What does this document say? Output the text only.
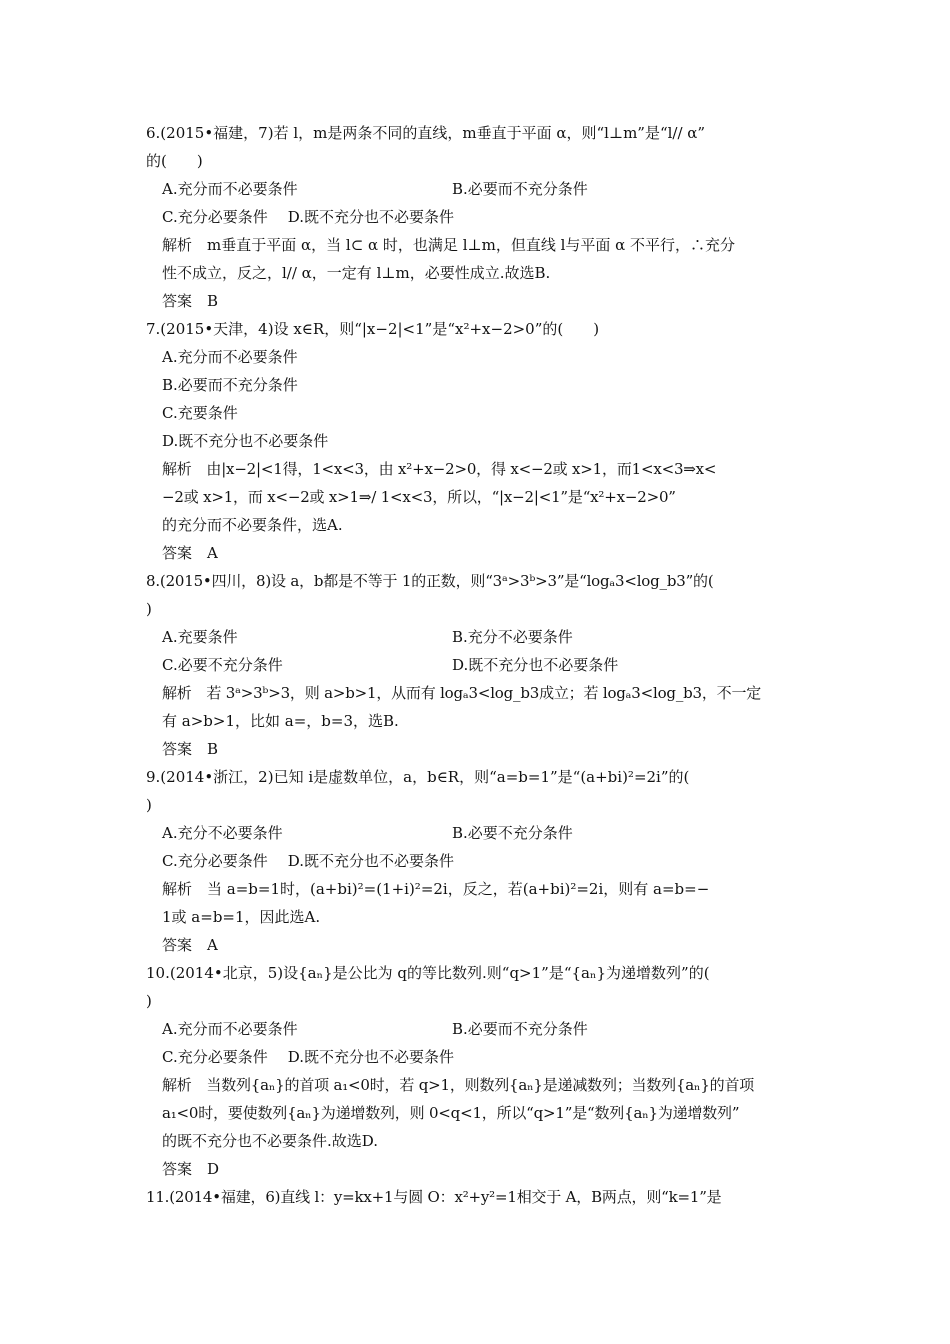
6.(2015•福建，7)若 l，m是两条不同的直线，m垂直于平面 α，则“l⊥m”是“l// α”
的(　　)
A.充分而不必要条件	B.必要而不充分条件
C.充分必要条件 D.既不充分也不必要条件
解析　m垂直于平面 α，当 l⊂ α 时，也满足 l⊥m，但直线 l与平面 α 不平行，∴充分
性不成立，反之，l// α，一定有 l⊥m，必要性成立.故选B.
答案　B
7.(2015•天津，4)设 x∈R，则“|x−2|<1”是“x²+x−2>0”的(　　)
A.充分而不必要条件
B.必要而不充分条件
C.充要条件
D.既不充分也不必要条件
解析　由|x−2|<1得，1<x<3，由 x²+x−2>0，得 x<−2或 x>1，而1<x<3⇒x<
−2或 x>1，而 x<−2或 x>1⇒/ 1<x<3，所以，“|x−2|<1”是“x²+x−2>0”
的充分而不必要条件，选A.
答案　A
8.(2015•四川，8)设 a，b都是不等于 1的正数，则“3ᵃ>3ᵇ>3”是“logₐ3<log_b3”的(
)
A.充要条件	B.充分不必要条件
C.必要不充分条件	D.既不充分也不必要条件
解析　若 3ᵃ>3ᵇ>3，则 a>b>1，从而有 logₐ3<log_b3成立；若 logₐ3<log_b3，不一定
有 a>b>1，比如 a=，b=3，选B.
答案　B
9.(2014•浙江，2)已知 i是虚数单位，a，b∈R，则“a=b=1”是“(a+bi)²=2i”的(
)
A.充分不必要条件	B.必要不充分条件
C.充分必要条件 D.既不充分也不必要条件
解析　当 a=b=1时，(a+bi)²=(1+i)²=2i，反之，若(a+bi)²=2i，则有 a=b=−
1或 a=b=1，因此选A.
答案　A
10.(2014•北京，5)设{aₙ}是公比为 q的等比数列.则“q>1”是“{aₙ}为递增数列”的(
)
A.充分而不必要条件	B.必要而不充分条件
C.充分必要条件 D.既不充分也不必要条件
解析　当数列{aₙ}的首项 a₁<0时，若 q>1，则数列{aₙ}是递减数列；当数列{aₙ}的首项
a₁<0时，要使数列{aₙ}为递增数列，则 0<q<1，所以“q>1”是“数列{aₙ}为递增数列”
的既不充分也不必要条件.故选D.
答案　D
11.(2014•福建，6)直线 l：y=kx+1与圆 O：x²+y²=1相交于 A，B两点，则“k=1”是
